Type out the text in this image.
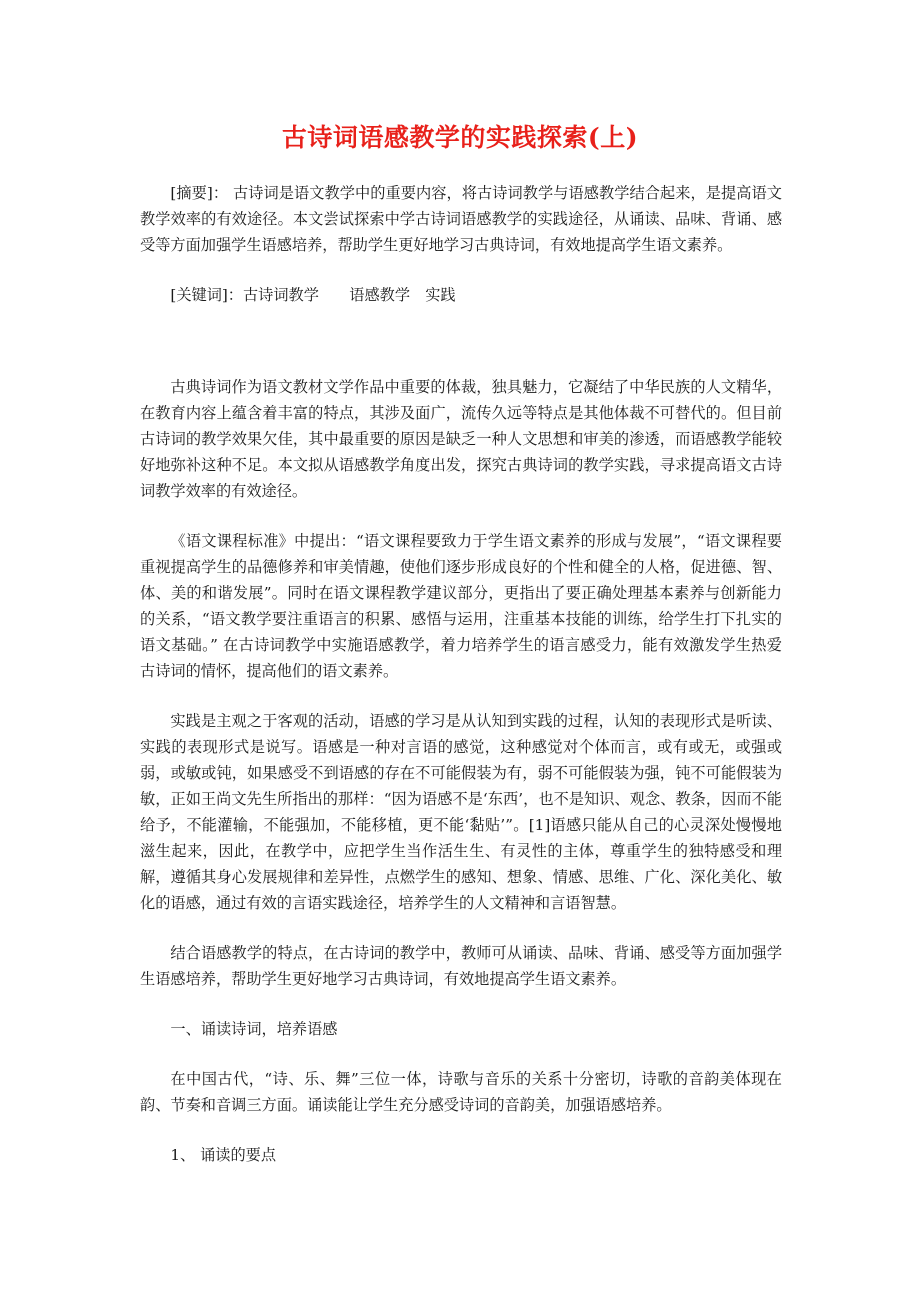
古诗词语感教学的实践探索(上)

[摘要]： 古诗词是语文教学中的重要内容，将古诗词教学与语感教学结合起来，是提高语文教学效率的有效途径。本文尝试探索中学古诗词语感教学的实践途径，从诵读、品味、背诵、感受等方面加强学生语感培养，帮助学生更好地学习古典诗词，有效地提高学生语文素养。

[关键词]：古诗词教学　　语感教学　实践

古典诗词作为语文教材文学作品中重要的体裁，独具魅力，它凝结了中华民族的人文精华，在教育内容上蕴含着丰富的特点，其涉及面广，流传久远等特点是其他体裁不可替代的。但目前古诗词的教学效果欠佳，其中最重要的原因是缺乏一种人文思想和审美的渗透，而语感教学能较好地弥补这种不足。本文拟从语感教学角度出发，探究古典诗词的教学实践，寻求提高语文古诗词教学效率的有效途径。

《语文课程标准》中提出：“语文课程要致力于学生语文素养的形成与发展”，“语文课程要重视提高学生的品德修养和审美情趣，使他们逐步形成良好的个性和健全的人格，促进德、智、体、美的和谐发展”。同时在语文课程教学建议部分，更指出了要正确处理基本素养与创新能力的关系，“语文教学要注重语言的积累、感悟与运用，注重基本技能的训练，给学生打下扎实的语文基础。” 在古诗词教学中实施语感教学，着力培养学生的语言感受力，能有效激发学生热爱古诗词的情怀，提高他们的语文素养。

实践是主观之于客观的活动，语感的学习是从认知到实践的过程，认知的表现形式是听读、实践的表现形式是说写。语感是一种对言语的感觉，这种感觉对个体而言，或有或无，或强或弱，或敏或钝，如果感受不到语感的存在不可能假装为有，弱不可能假装为强，钝不可能假装为敏，正如王尚文先生所指出的那样：“因为语感不是‘东西’，也不是知识、观念、教条，因而不能给予，不能灌输，不能强加，不能移植，更不能‘黏贴’”。[1]语感只能从自己的心灵深处慢慢地滋生起来，因此，在教学中，应把学生当作活生生、有灵性的主体，尊重学生的独特感受和理解，遵循其身心发展规律和差异性，点燃学生的感知、想象、情感、思维、广化、深化美化、敏化的语感，通过有效的言语实践途径，培养学生的人文精神和言语智慧。

结合语感教学的特点，在古诗词的教学中，教师可从诵读、品味、背诵、感受等方面加强学生语感培养，帮助学生更好地学习古典诗词，有效地提高学生语文素养。

一、诵读诗词，培养语感

在中国古代，“诗、乐、舞”三位一体，诗歌与音乐的关系十分密切，诗歌的音韵美体现在韵、节奏和音调三方面。诵读能让学生充分感受诗词的音韵美，加强语感培养。

1、 诵读的要点
